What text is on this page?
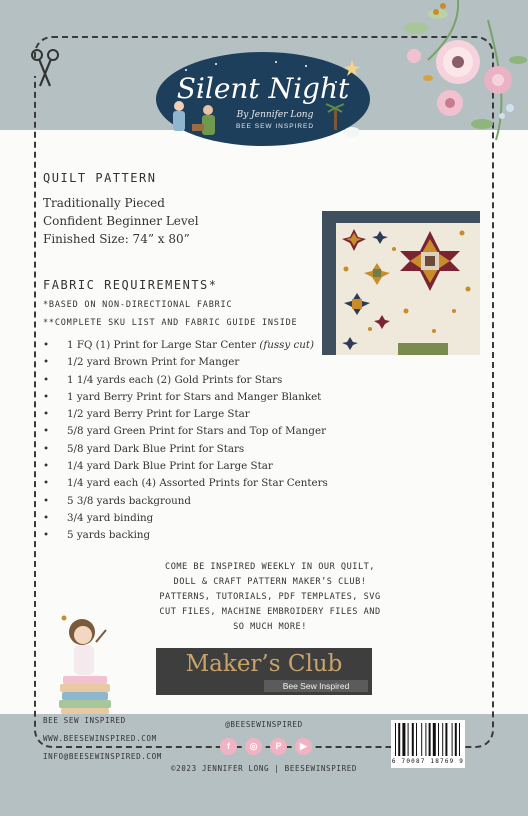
Silent Night
By Jennifer Long
BEE SEW INSPIRED
QUILT PATTERN
Traditionally Pieced
Confident Beginner Level
Finished Size: 74” x 80”
FABRIC REQUIREMENTS*
*BASED ON NON-DIRECTIONAL FABRIC
**COMPLETE SKU LIST AND FABRIC GUIDE INSIDE
• 1 FQ (1) Print for Large Star Center (fussy cut)
• 1/2 yard Brown Print for Manger
• 1 1/4 yards each (2) Gold Prints for Stars
• 1 yard Berry Print for Stars and Manger Blanket
• 1/2 yard Berry Print for Large Star
• 5/8 yard Green Print for Stars and Top of Manger
• 5/8 yard Dark Blue Print for Stars
• 1/4 yard Dark Blue Print for Large Star
• 1/4 yard each (4) Assorted Prints for Star Centers
• 5 3/8 yards background
• 3/4 yard binding
• 5 yards backing
COME BE INSPIRED WEEKLY IN OUR QUILT,
DOLL & CRAFT PATTERN MAKER’S CLUB!
PATTERNS, TUTORIALS, PDF TEMPLATES, SVG
CUT FILES, MACHINE EMBROIDERY FILES AND
SO MUCH MORE!
Maker’s Club
Bee Sew Inspired
BEE SEW INSPIRED
WWW.BEESEWINSPIRED.COM
INFO@BEESEWINSPIRED.COM
@BEESEWINSPIRED
f	◎	P	▶
©2023 JENNIFER LONG | BEESEWINSPIRED
6 70087 18769 9
